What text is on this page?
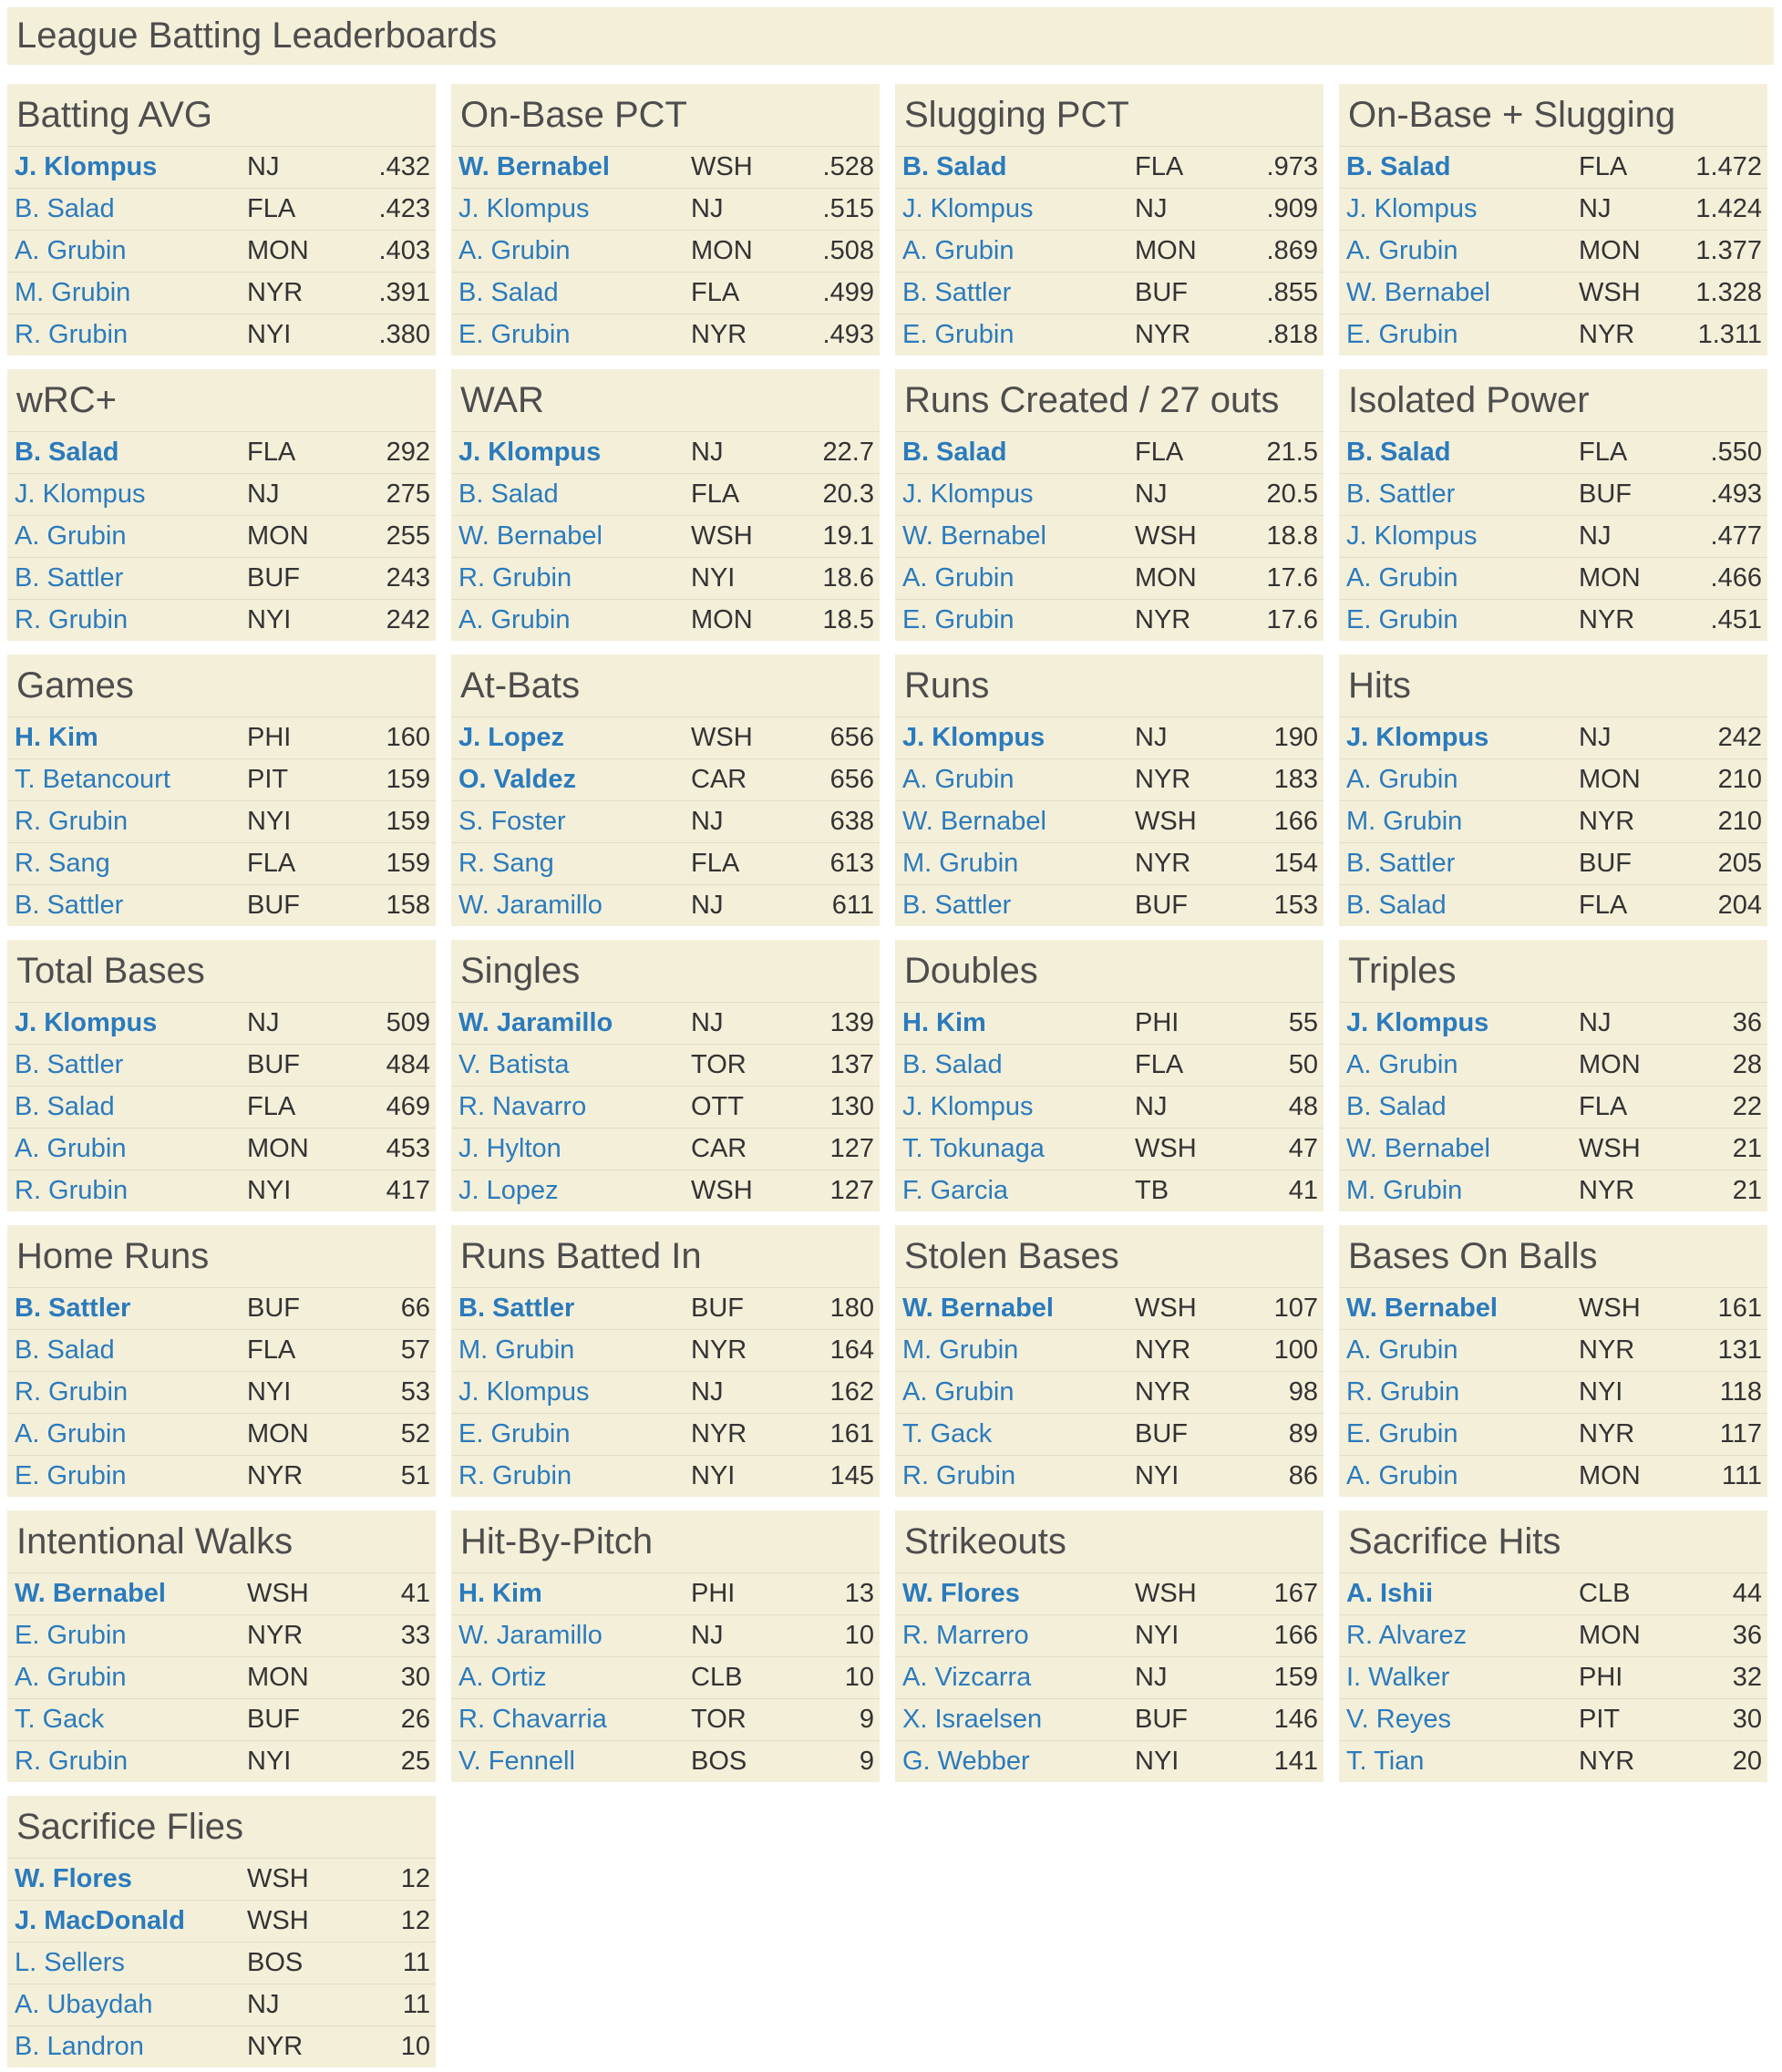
League Batting Leaderboards
Batting AVG
J. Klompus	NJ	.432
B. Salad	FLA	.423
A. Grubin	MON	.403
M. Grubin	NYR	.391
R. Grubin	NYI	.380
On-Base PCT
W. Bernabel	WSH	.528
J. Klompus	NJ	.515
A. Grubin	MON	.508
B. Salad	FLA	.499
E. Grubin	NYR	.493
Slugging PCT
B. Salad	FLA	.973
J. Klompus	NJ	.909
A. Grubin	MON	.869
B. Sattler	BUF	.855
E. Grubin	NYR	.818
On-Base + Slugging
B. Salad	FLA	1.472
J. Klompus	NJ	1.424
A. Grubin	MON	1.377
W. Bernabel	WSH	1.328
E. Grubin	NYR	1.311
wRC+
B. Salad	FLA	292
J. Klompus	NJ	275
A. Grubin	MON	255
B. Sattler	BUF	243
R. Grubin	NYI	242
WAR
J. Klompus	NJ	22.7
B. Salad	FLA	20.3
W. Bernabel	WSH	19.1
R. Grubin	NYI	18.6
A. Grubin	MON	18.5
Runs Created / 27 outs
B. Salad	FLA	21.5
J. Klompus	NJ	20.5
W. Bernabel	WSH	18.8
A. Grubin	MON	17.6
E. Grubin	NYR	17.6
Isolated Power
B. Salad	FLA	.550
B. Sattler	BUF	.493
J. Klompus	NJ	.477
A. Grubin	MON	.466
E. Grubin	NYR	.451
Games
H. Kim	PHI	160
T. Betancourt	PIT	159
R. Grubin	NYI	159
R. Sang	FLA	159
B. Sattler	BUF	158
At-Bats
J. Lopez	WSH	656
O. Valdez	CAR	656
S. Foster	NJ	638
R. Sang	FLA	613
W. Jaramillo	NJ	611
Runs
J. Klompus	NJ	190
A. Grubin	NYR	183
W. Bernabel	WSH	166
M. Grubin	NYR	154
B. Sattler	BUF	153
Hits
J. Klompus	NJ	242
A. Grubin	MON	210
M. Grubin	NYR	210
B. Sattler	BUF	205
B. Salad	FLA	204
Total Bases
J. Klompus	NJ	509
B. Sattler	BUF	484
B. Salad	FLA	469
A. Grubin	MON	453
R. Grubin	NYI	417
Singles
W. Jaramillo	NJ	139
V. Batista	TOR	137
R. Navarro	OTT	130
J. Hylton	CAR	127
J. Lopez	WSH	127
Doubles
H. Kim	PHI	55
B. Salad	FLA	50
J. Klompus	NJ	48
T. Tokunaga	WSH	47
F. Garcia	TB	41
Triples
J. Klompus	NJ	36
A. Grubin	MON	28
B. Salad	FLA	22
W. Bernabel	WSH	21
M. Grubin	NYR	21
Home Runs
B. Sattler	BUF	66
B. Salad	FLA	57
R. Grubin	NYI	53
A. Grubin	MON	52
E. Grubin	NYR	51
Runs Batted In
B. Sattler	BUF	180
M. Grubin	NYR	164
J. Klompus	NJ	162
E. Grubin	NYR	161
R. Grubin	NYI	145
Stolen Bases
W. Bernabel	WSH	107
M. Grubin	NYR	100
A. Grubin	NYR	98
T. Gack	BUF	89
R. Grubin	NYI	86
Bases On Balls
W. Bernabel	WSH	161
A. Grubin	NYR	131
R. Grubin	NYI	118
E. Grubin	NYR	117
A. Grubin	MON	111
Intentional Walks
W. Bernabel	WSH	41
E. Grubin	NYR	33
A. Grubin	MON	30
T. Gack	BUF	26
R. Grubin	NYI	25
Hit-By-Pitch
H. Kim	PHI	13
W. Jaramillo	NJ	10
A. Ortiz	CLB	10
R. Chavarria	TOR	9
V. Fennell	BOS	9
Strikeouts
W. Flores	WSH	167
R. Marrero	NYI	166
A. Vizcarra	NJ	159
X. Israelsen	BUF	146
G. Webber	NYI	141
Sacrifice Hits
A. Ishii	CLB	44
R. Alvarez	MON	36
I. Walker	PHI	32
V. Reyes	PIT	30
T. Tian	NYR	20
Sacrifice Flies
W. Flores	WSH	12
J. MacDonald	WSH	12
L. Sellers	BOS	11
A. Ubaydah	NJ	11
B. Landron	NYR	10
